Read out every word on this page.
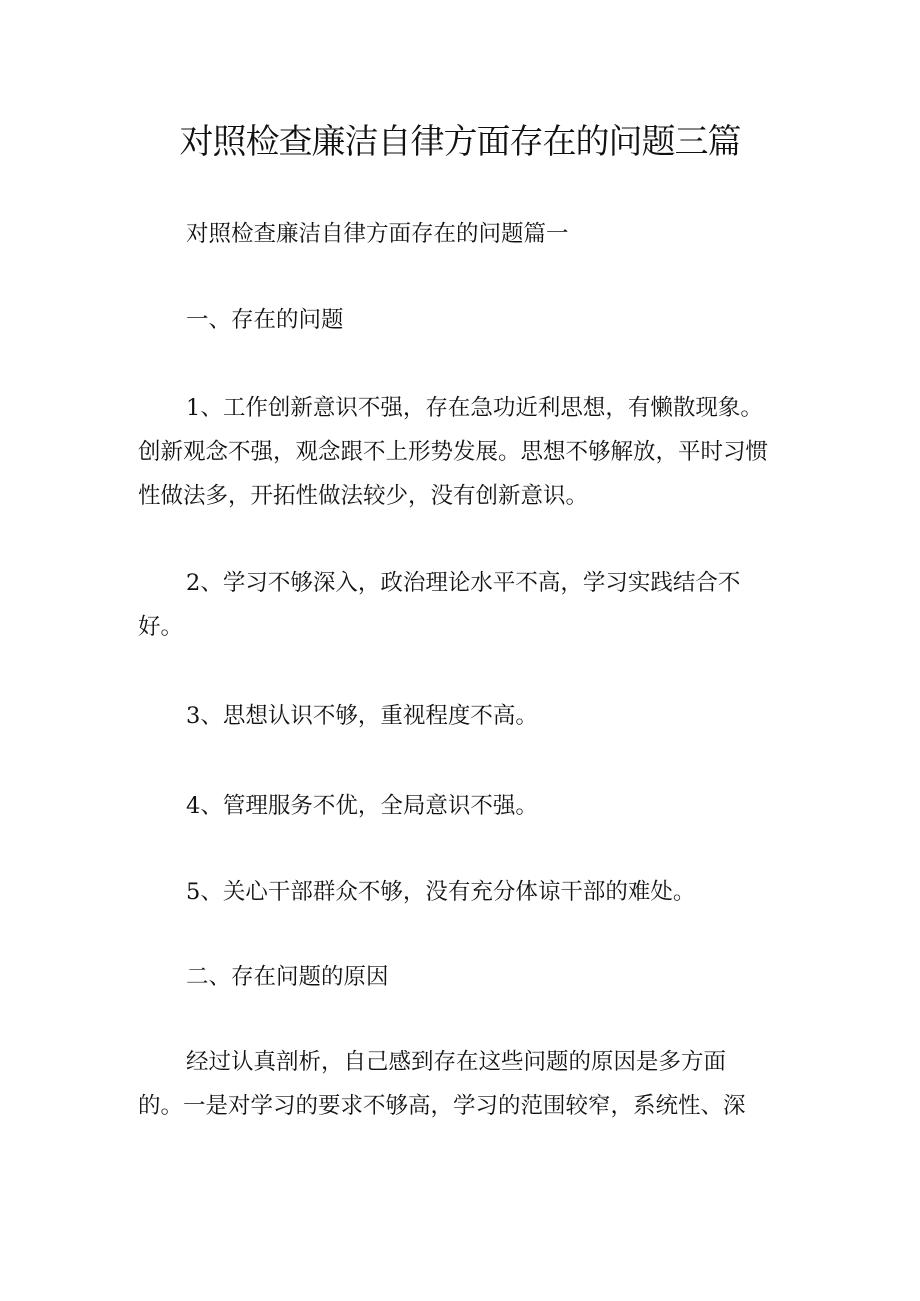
对照检查廉洁自律方面存在的问题三篇

对照检查廉洁自律方面存在的问题篇一

一、存在的问题

1、工作创新意识不强，存在急功近利思想，有懒散现象。创新观念不强，观念跟不上形势发展。思想不够解放，平时习惯性做法多，开拓性做法较少，没有创新意识。

2、学习不够深入，政治理论水平不高，学习实践结合不好。

3、思想认识不够，重视程度不高。

4、管理服务不优，全局意识不强。

5、关心干部群众不够，没有充分体谅干部的难处。

二、存在问题的原因

经过认真剖析，自己感到存在这些问题的原因是多方面的。一是对学习的要求不够高，学习的范围较窄，系统性、深
